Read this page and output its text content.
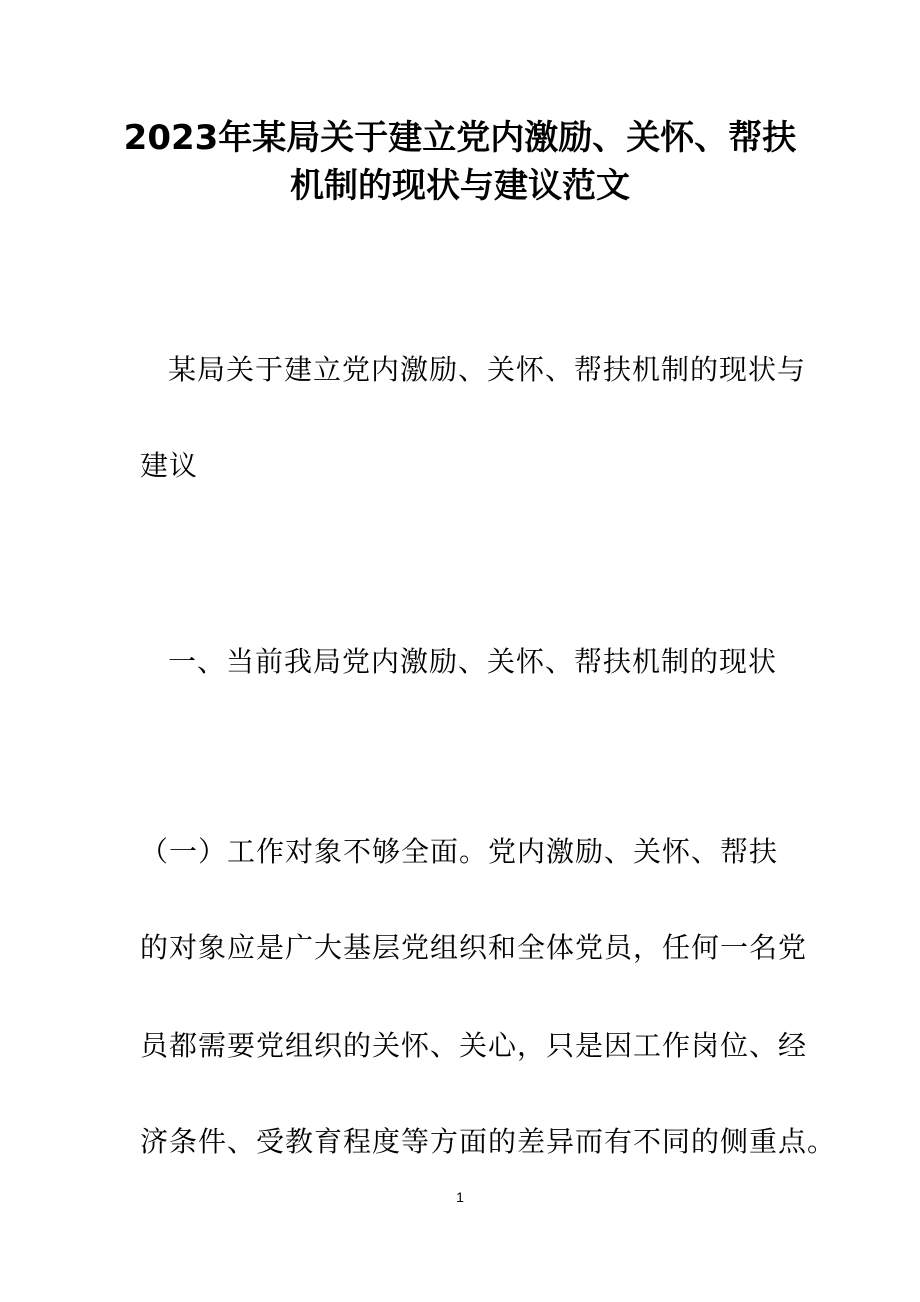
2023年某局关于建立党内激励、关怀、帮扶
机制的现状与建议范文
某局关于建立党内激励、关怀、帮扶机制的现状与
建议
一、当前我局党内激励、关怀、帮扶机制的现状
（一）工作对象不够全面。党内激励、关怀、帮扶
的对象应是广大基层党组织和全体党员，任何一名党
员都需要党组织的关怀、关心，只是因工作岗位、经
济条件、受教育程度等方面的差异而有不同的侧重点。
1
